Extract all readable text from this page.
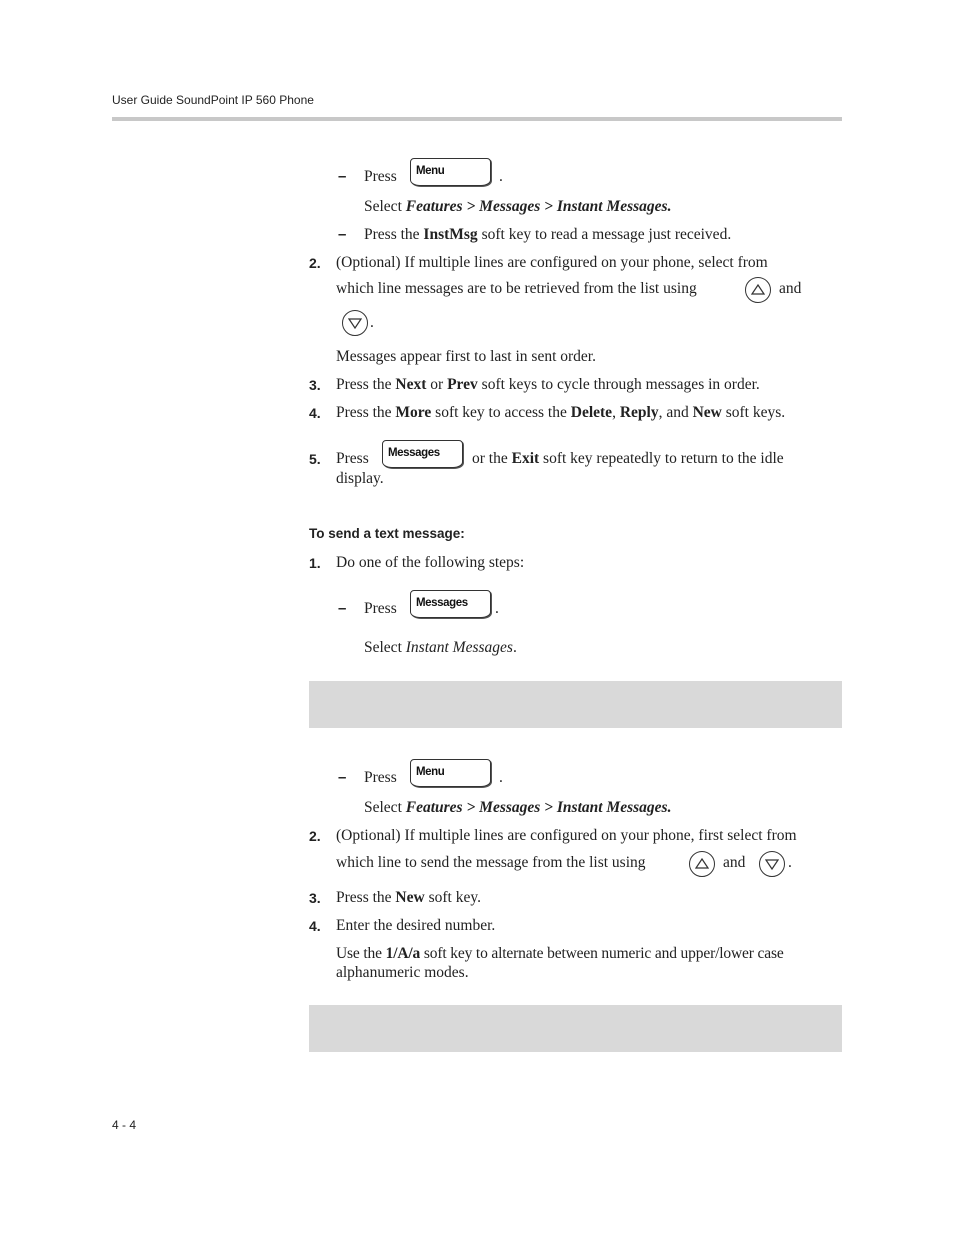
User Guide SoundPoint IP 560 Phone
– Press Menu	.
Select Features > Messages > Instant Messages.
– Press the InstMsg soft key to read a message just received.
2. (Optional) If multiple lines are configured on your phone, select from
which line messages are to be retrieved from the list using	and
.
Messages appear first to last in sent order.
3. Press the Next or Prev soft keys to cycle through messages in order.
4. Press the More soft key to access the Delete, Reply, and New soft keys.
5. Press Messages or the Exit soft key repeatedly to return to the idle
display.
To send a text message:
1. Do one of the following steps:
– Press Messages .
Select Instant Messages.
– Press Menu	.
Select Features > Messages > Instant Messages.
2. (Optional) If multiple lines are configured on your phone, first select from
which line to send the message from the list using	and	.
3. Press the New soft key.
4. Enter the desired number.
Use the 1/A/a soft key to alternate between numeric and upper/lower case
alphanumeric modes.
4 - 4
